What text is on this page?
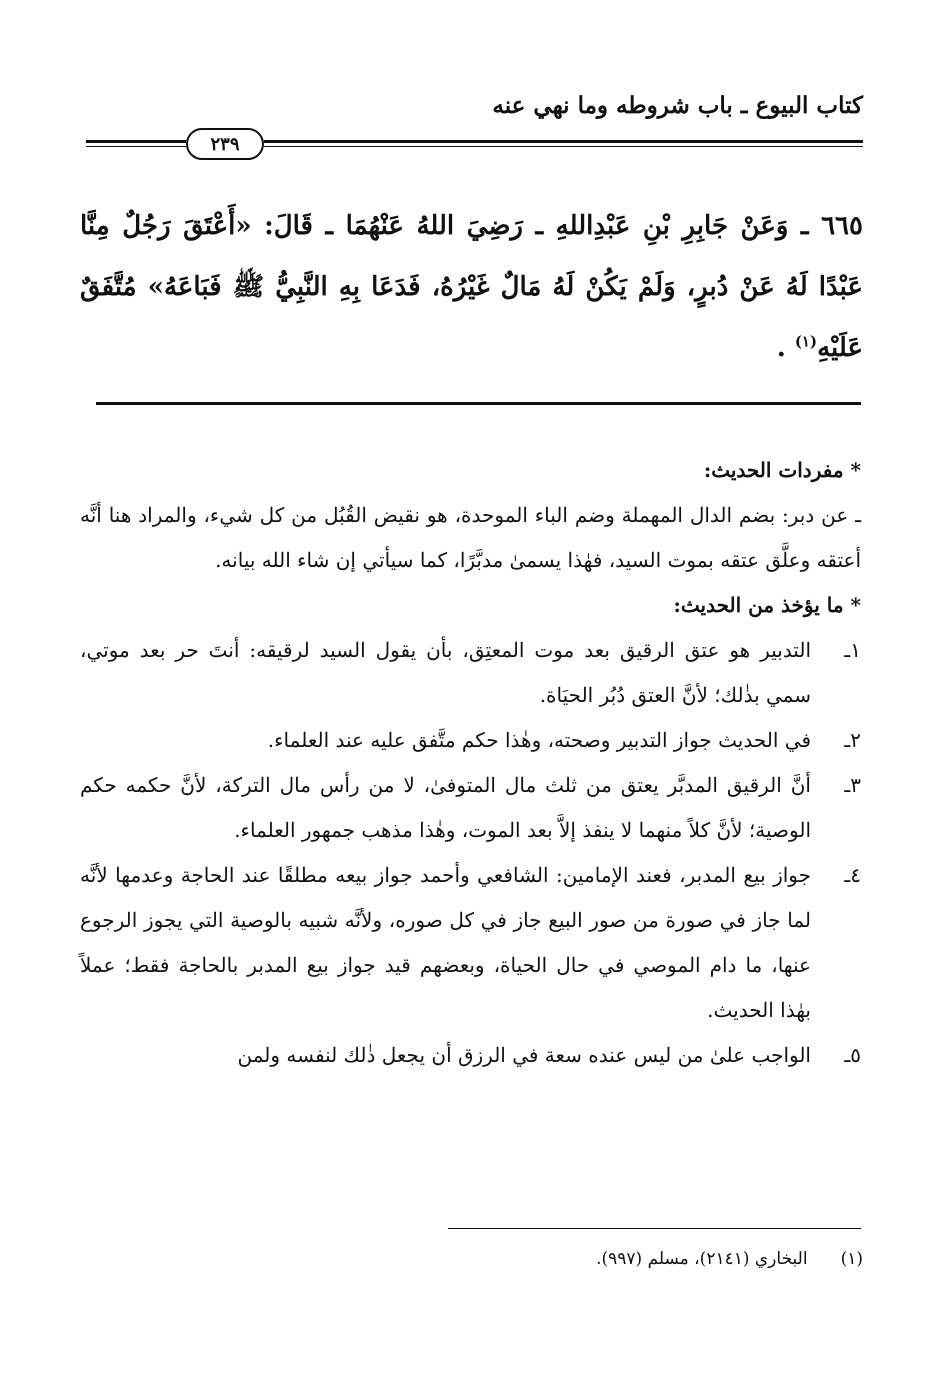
كتاب البيوع ـ باب شروطه وما نهي عنه
٢٣٩
٦٦٥ ـ وَعَنْ جَابِرِ بْنِ عَبْدِاللهِ ـ رَضِيَ اللهُ عَنْهُمَا ـ قَالَ: «أَعْتَقَ رَجُلٌ مِنَّا عَبْدًا لَهُ عَنْ دُبرٍ، وَلَمْ يَكُنْ لَهُ مَالٌ غَيْرُهُ، فَدَعَا بِهِ النَّبِيُّ ﷺ فَبَاعَهُ» مُتَّفَقٌ عَلَيْهِ$^{(١)}$ .

* مفردات الحديث:

ـ عن دبر: بضم الدال المهملة وضم الباء الموحدة، هو نقيض القُبُل من كل شيء، والمراد هنا أنَّه أعتقه وعلَّق عتقه بموت السيد، فهٰذا يسمىٰ مدبَّرًا، كما سيأتي إن شاء الله بيانه.

* ما يؤخذ من الحديث:

١ـ
التدبير هو عتق الرقيق بعد موت المعتِق، بأن يقول السيد لرقيقه: أنتَ حر بعد موتي، سمي بذٰلك؛ لأنَّ العتق دُبُر الحيَاة.

٢ـ
في الحديث جواز التدبير وصحته، وهٰذا حكم متَّفق عليه عند العلماء.

٣ـ
أنَّ الرقيق المدبَّر يعتق من ثلث مال المتوفىٰ، لا من رأس مال التركة، لأنَّ حكمه حكم الوصية؛ لأنَّ كلاً منهما لا ينفذ إلاَّ بعد الموت، وهٰذا مذهب جمهور العلماء.

٤ـ
جواز بيع المدبر، فعند الإمامين: الشافعي وأحمد جواز بيعه مطلقًا عند الحاجة وعدمها لأنَّه لما جاز في صورة من صور البيع جاز في كل صوره، ولأنَّه شبيه بالوصية التي يجوز الرجوع عنها، ما دام الموصي في حال الحياة، وبعضهم قيد جواز بيع المدبر بالحاجة فقط؛ عملاً بهٰذا الحديث.

٥ـ
الواجب علىٰ من ليس عنده سعة في الرزق أن يجعل ذٰلك لنفسه ولمن

(١) البخاري (٢١٤١)، مسلم (٩٩٧).
